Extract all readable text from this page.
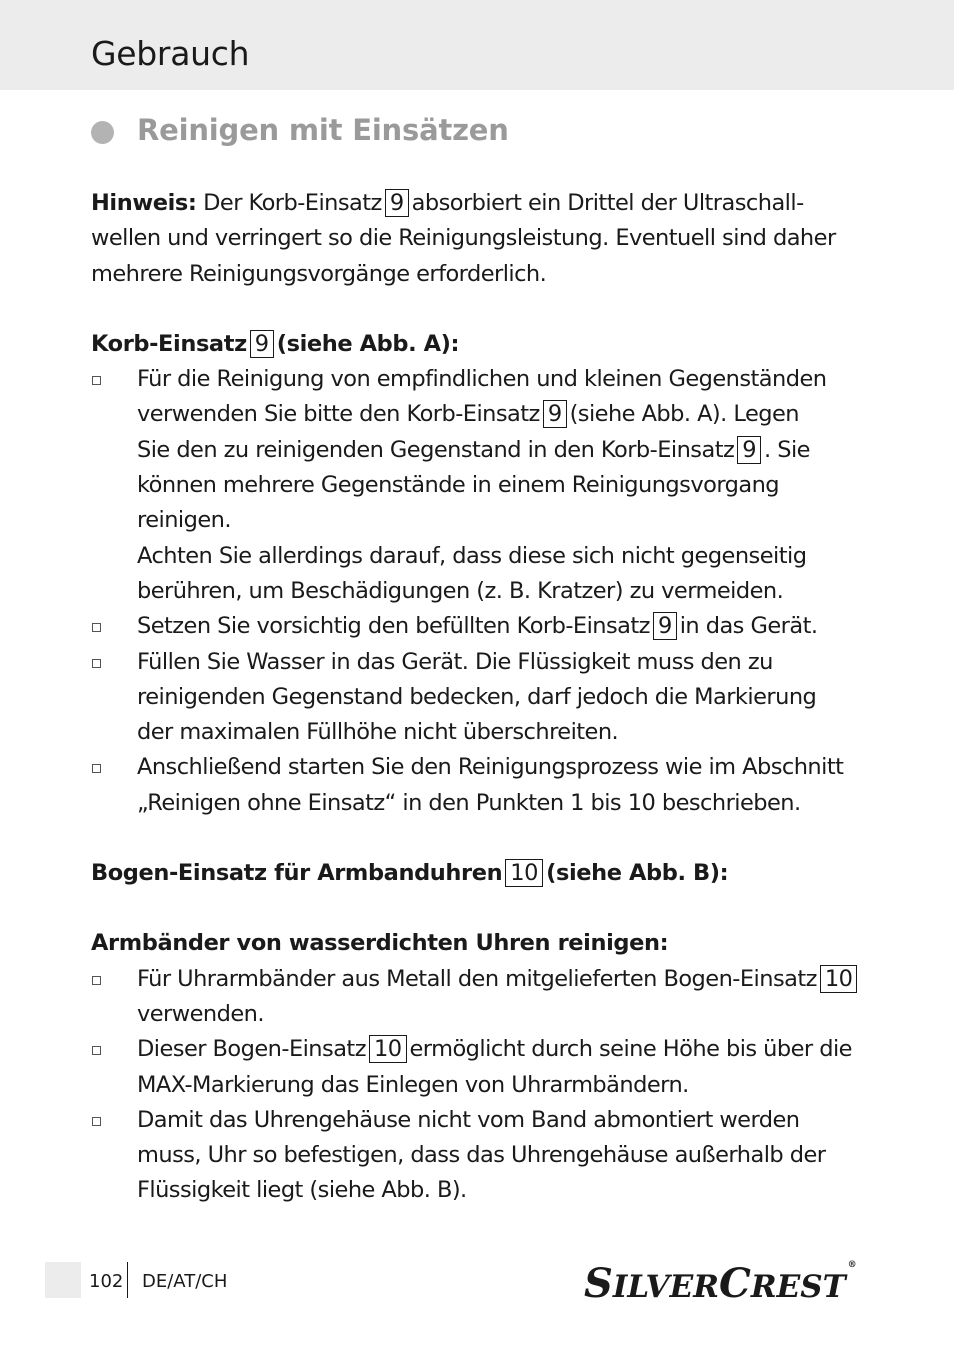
Gebrauch
Reinigen mit Einsätzen

Hinweis: Der Korb-Einsatz 9 absorbiert ein Drittel der Ultraschall-
wellen und verringert so die Reinigungsleistung. Eventuell sind daher
mehrere Reinigungsvorgänge erforderlich.

Korb-Einsatz 9 (siehe Abb. A):

Für die Reinigung von empfindlichen und kleinen Gegenständen
verwenden Sie bitte den Korb-Einsatz 9 (siehe Abb. A). Legen
Sie den zu reinigenden Gegenstand in den Korb-Einsatz 9 . Sie
können mehrere Gegenstände in einem Reinigungsvorgang reinigen.
Achten Sie allerdings darauf, dass diese sich nicht gegenseitig
berühren, um Beschädigungen (z. B. Kratzer) zu vermeiden.
Setzen Sie vorsichtig den befüllten Korb-Einsatz 9 in das Gerät.
Füllen Sie Wasser in das Gerät. Die Flüssigkeit muss den zu
reinigenden Gegenstand bedecken, darf jedoch die Markierung
der maximalen Füllhöhe nicht überschreiten.
Anschließend starten Sie den Reinigungsprozess wie im Abschnitt
„Reinigen ohne Einsatz“ in den Punkten 1 bis 10 beschrieben.

Bogen-Einsatz für Armbanduhren 10 (siehe Abb. B):

Armbänder von wasserdichten Uhren reinigen:

Für Uhrarmbänder aus Metall den mitgelieferten Bogen-Einsatz 10
verwenden.
Dieser Bogen-Einsatz 10 ermöglicht durch seine Höhe bis über die
MAX-Markierung das Einlegen von Uhrarmbändern.
Damit das Uhrengehäuse nicht vom Band abmontiert werden
muss, Uhr so befestigen, dass das Uhrengehäuse außerhalb der
Flüssigkeit liegt (siehe Abb. B).
102 DE/AT/CH	SILVERCREST®
